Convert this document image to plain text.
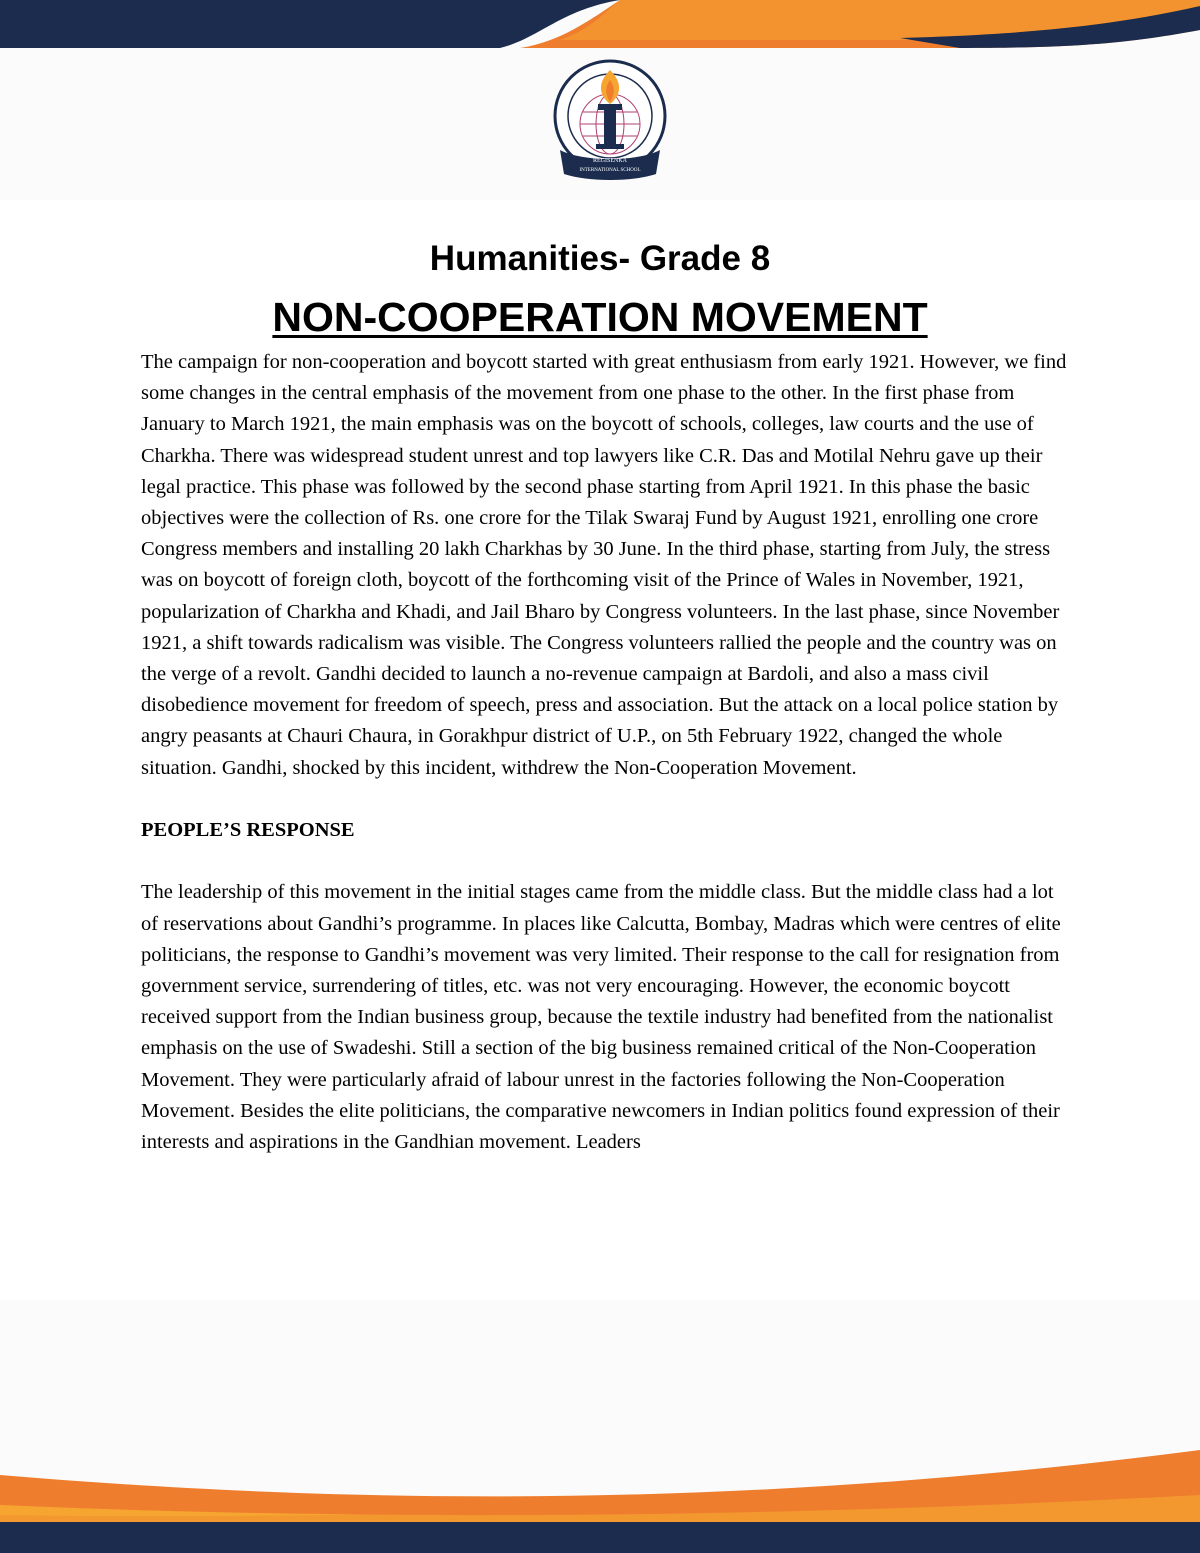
REGISENKA
INTERNATIONAL SCHOOL
Humanities- Grade 8
NON-COOPERATION MOVEMENT

The campaign for non-cooperation and boycott started with great enthusiasm from early 1921. However, we find some changes in the central emphasis of the movement from one phase to the other. In the first phase from January to March 1921, the main emphasis was on the boycott of schools, colleges, law courts and the use of Charkha. There was widespread student unrest and top lawyers like C.R. Das and Motilal Nehru gave up their legal practice. This phase was followed by the second phase starting from April 1921. In this phase the basic objectives were the collection of Rs. one crore for the Tilak Swaraj Fund by August 1921, enrolling one crore Congress members and installing 20 lakh Charkhas by 30 June. In the third phase, starting from July, the stress was on boycott of foreign cloth, boycott of the forthcoming visit of the Prince of Wales in November, 1921, popularization of Charkha and Khadi, and Jail Bharo by Congress volunteers. In the last phase, since November 1921, a shift towards radicalism was visible. The Congress volunteers rallied the people and the country was on the verge of a revolt. Gandhi decided to launch a no-revenue campaign at Bardoli, and also a mass civil disobedience movement for freedom of speech, press and association. But the attack on a local police station by angry peasants at Chauri Chaura, in Gorakhpur district of U.P., on 5th February 1922, changed the whole situation. Gandhi, shocked by this incident, withdrew the Non-Cooperation Movement.

PEOPLE’S RESPONSE

The leadership of this movement in the initial stages came from the middle class. But the middle class had a lot of reservations about Gandhi’s programme. In places like Calcutta, Bombay, Madras which were centres of elite politicians, the response to Gandhi’s movement was very limited. Their response to the call for resignation from government service, surrendering of titles, etc. was not very encouraging. However, the economic boycott received support from the Indian business group, because the textile industry had benefited from the nationalist emphasis on the use of Swadeshi. Still a section of the big business remained critical of the Non-Cooperation Movement. They were particularly afraid of labour unrest in the factories following the Non-Cooperation Movement. Besides the elite politicians, the comparative newcomers in Indian politics found expression of their interests and aspirations in the Gandhian movement. Leaders
